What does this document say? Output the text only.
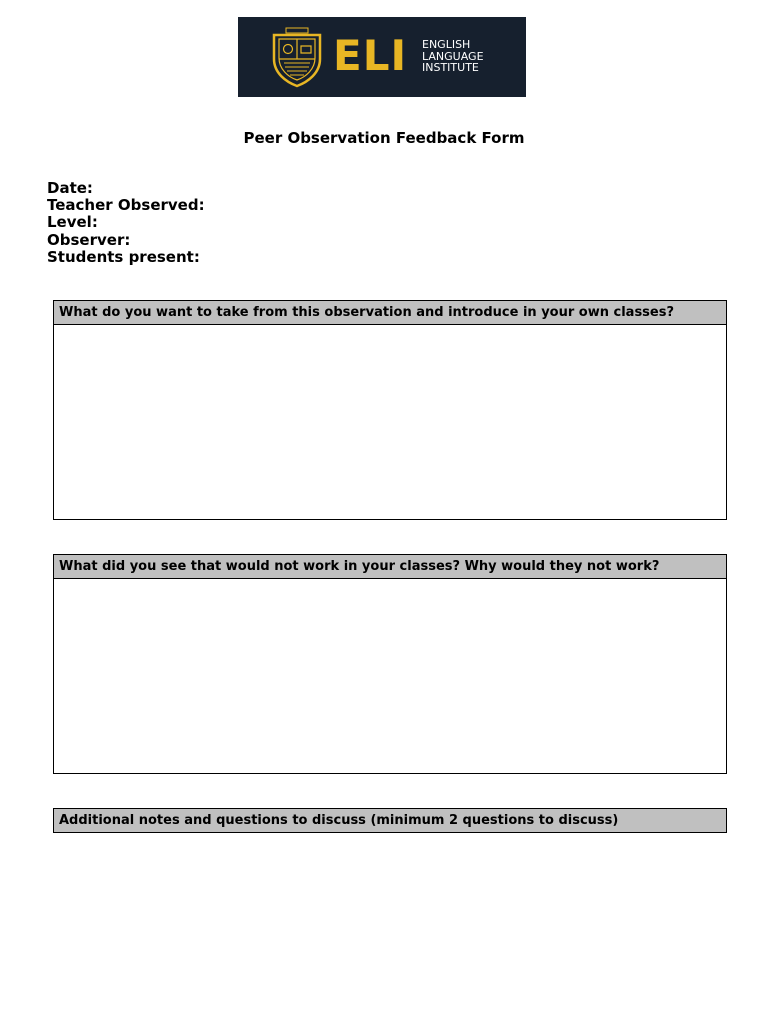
ELI ENGLISH
LANGUAGE
INSTITUTE
Peer Observation Feedback Form
Date:
Teacher Observed:
Level:
Observer:
Students present:
What do you want to take from this observation and introduce in your own classes?
What did you see that would not work in your classes? Why would they not work?
Additional notes and questions to discuss (minimum 2 questions to discuss)
